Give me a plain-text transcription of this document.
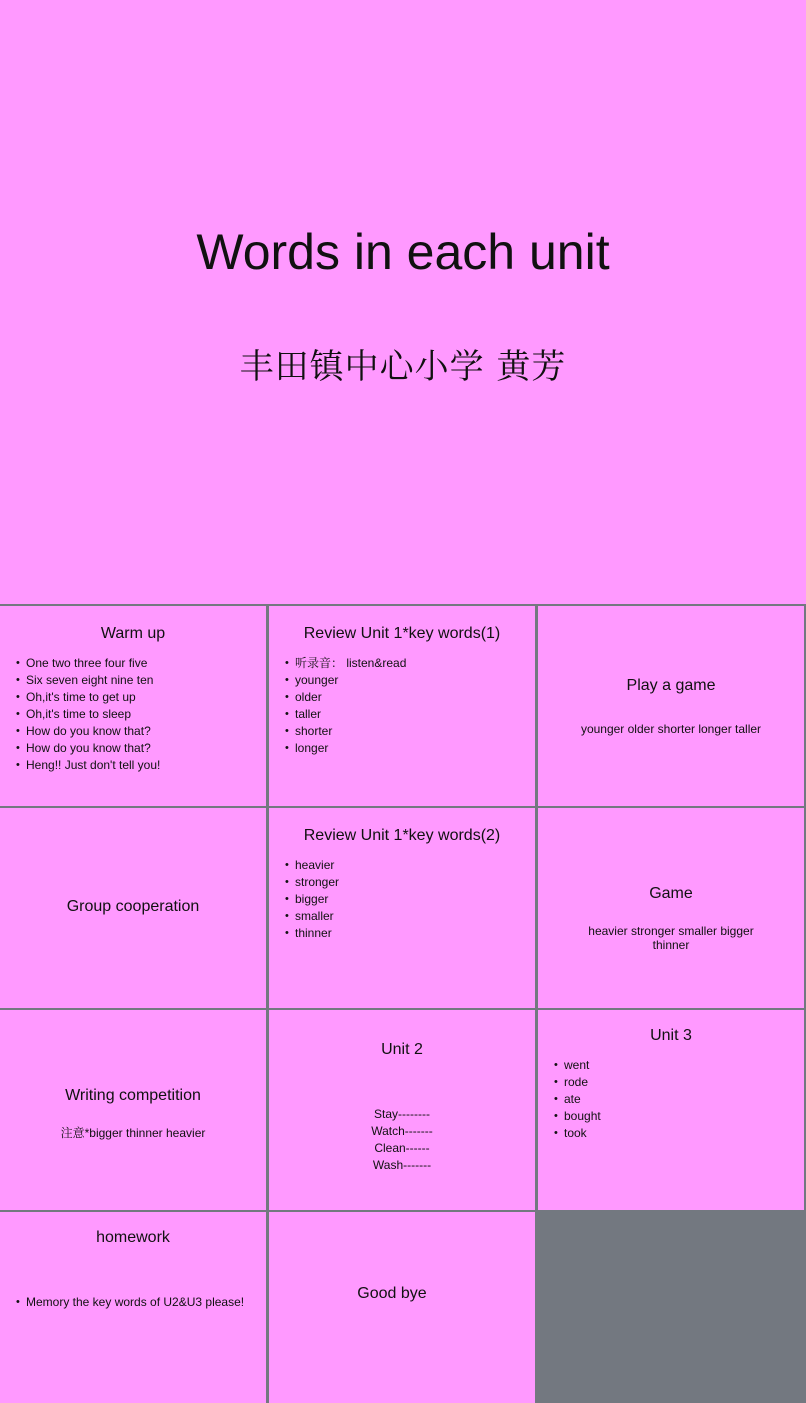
Words in each unit
丰田镇中心小学 黄芳
Warm up
• One two three four five
• Six seven eight nine ten
• Oh,it's time to get up
• Oh,it's time to sleep
• How do you know that?
• How do you know that?
• Heng!! Just don't tell you!
Review Unit 1*key words(1)
• 听录音： listen&read
• younger
• older
• taller
• shorter
• longer
Play a game
younger older shorter longer taller
Group cooperation
Review Unit 1*key words(2)
• heavier
• stronger
• bigger
• smaller
• thinner
Game
heavier stronger smaller bigger thinner
Writing competition
注意*bigger thinner heavier
Unit 2
Stay--------
Watch-------
Clean------
Wash-------
Unit 3
• went
• rode
• ate
• bought
• took
homework
• Memory the key words of U2&U3 please!	Good bye
